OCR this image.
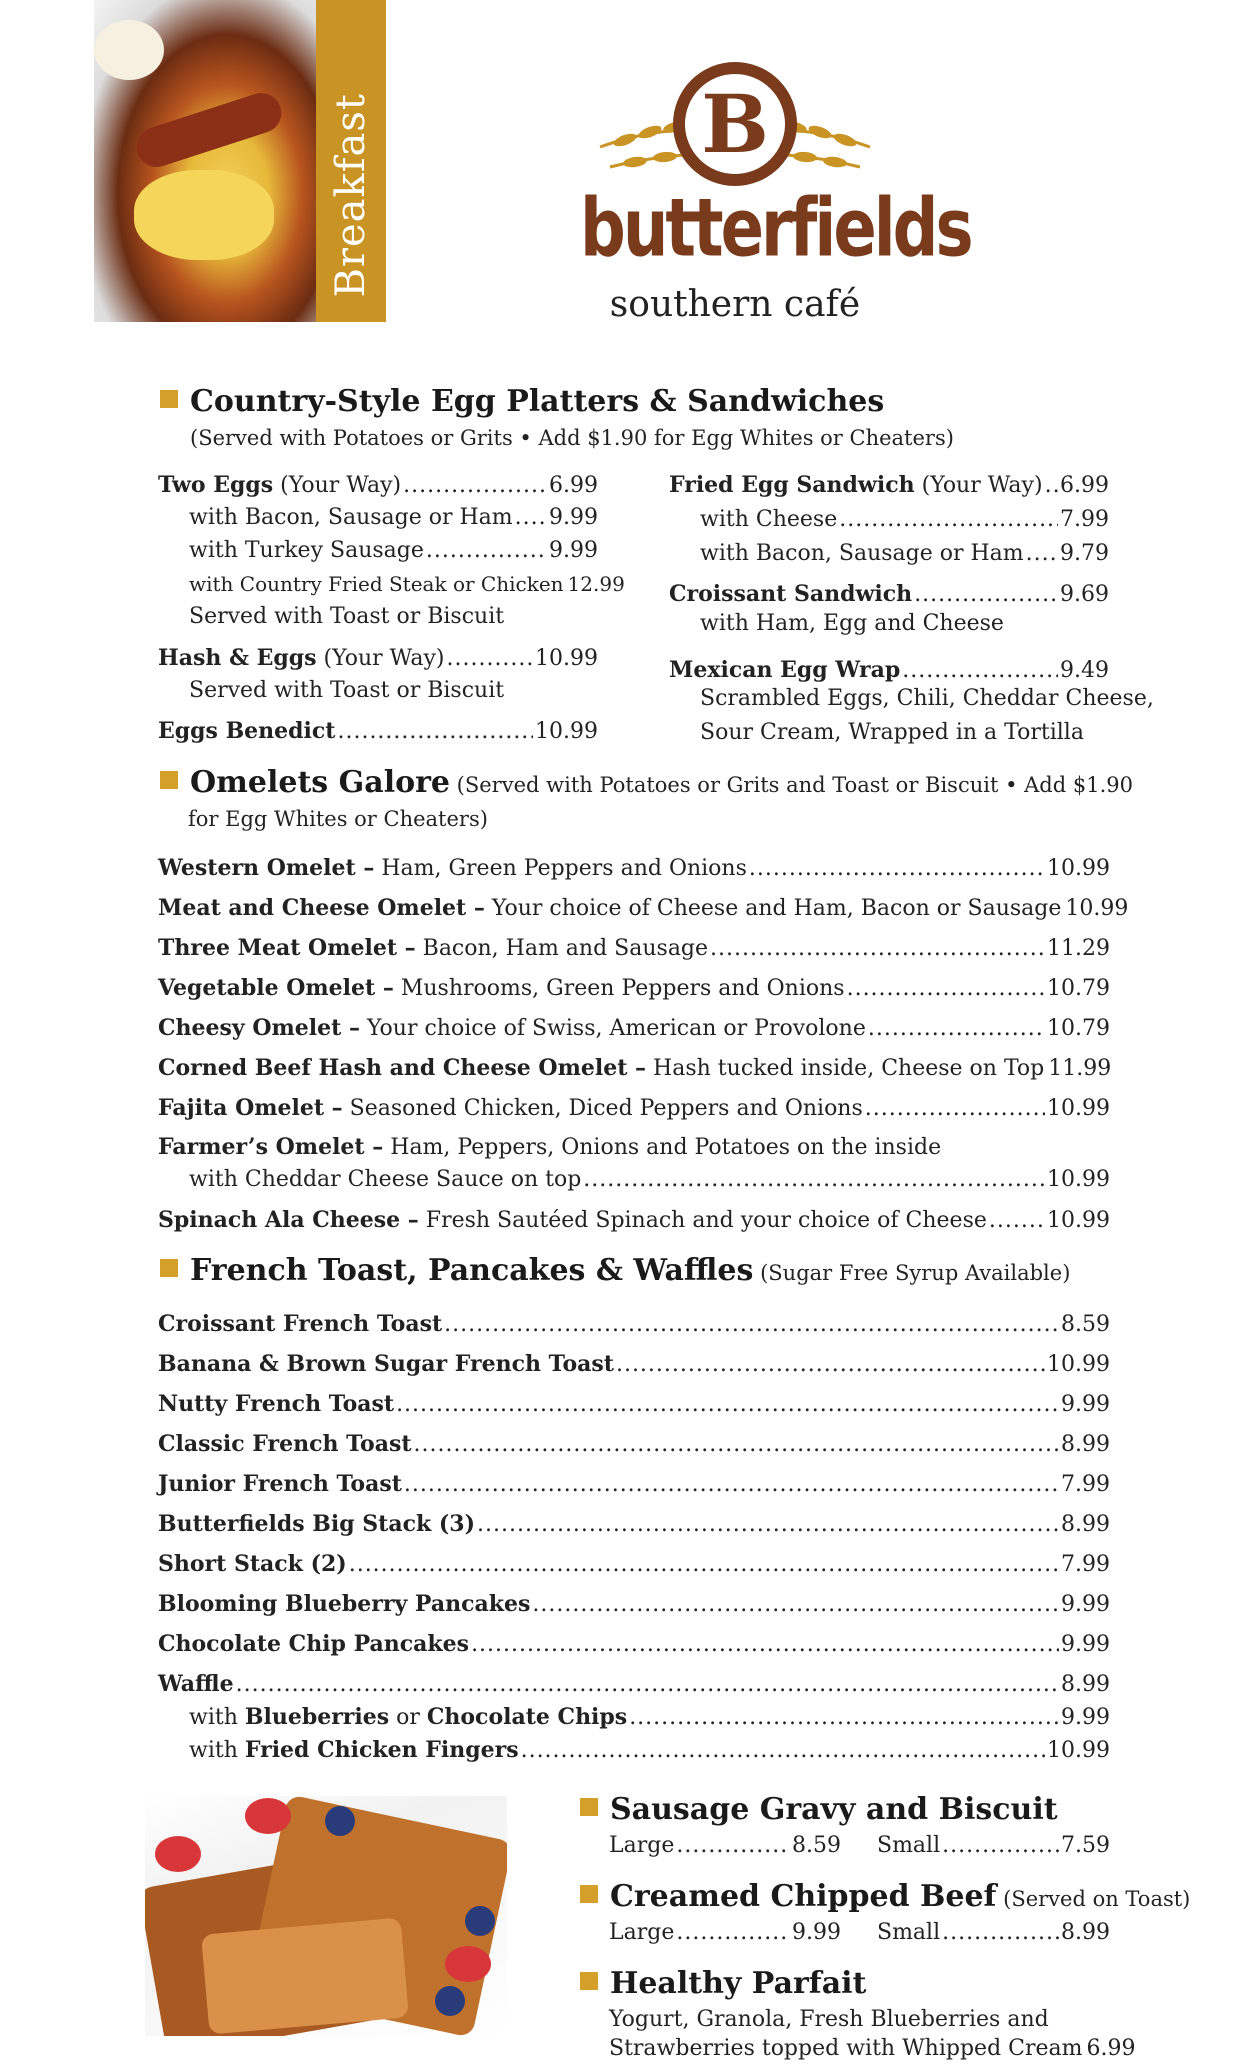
Breakfast	B
butterfields
southern café
Country-Style Egg Platters & Sandwiches
(Served with Potatoes or Grits • Add $1.90 for Egg Whites or Cheaters)
Two Eggs (Your Way) .....	6.99
with Bacon, Sausage or Ham ..... 9.99
with Turkey Sausage .....	9.99
with Country Fried Steak or Chicken 12.99
Served with Toast or Biscuit
Hash & Eggs (Your Way) .....	10.99
Served with Toast or Biscuit
Eggs Benedict .....	10.99
Fried Egg Sandwich (Your Way) ..... 6.99
with Cheese .....	7.99
with Bacon, Sausage or Ham ..... 9.79
Croissant Sandwich .....	9.69
with Ham, Egg and Cheese
Mexican Egg Wrap .....	9.49
Scrambled Eggs, Chili, Cheddar Cheese,
Sour Cream, Wrapped in a Tortilla
Omelets Galore (Served with Potatoes or Grits and Toast or Biscuit • Add $1.90
for Egg Whites or Cheaters)
Western Omelet – Ham, Green Peppers and Onions .....	10.99
Meat and Cheese Omelet – Your choice of Cheese and Ham, Bacon or Sausage 10.99
Three Meat Omelet – Bacon, Ham and Sausage .....	11.29
Vegetable Omelet – Mushrooms, Green Peppers and Onions .....	10.79
Cheesy Omelet – Your choice of Swiss, American or Provolone .....	10.79
Corned Beef Hash and Cheese Omelet – Hash tucked inside, Cheese on Top 11.99
Fajita Omelet – Seasoned Chicken, Diced Peppers and Onions .....	10.99
Farmer’s Omelet – Ham, Peppers, Onions and Potatoes on the inside
with Cheddar Cheese Sauce on top .....	10.99
Spinach Ala Cheese – Fresh Sautéed Spinach and your choice of Cheese .....	10.99
French Toast, Pancakes & Waffles (Sugar Free Syrup Available)
Croissant French Toast .....	8.59
Banana & Brown Sugar French Toast .....	10.99
Nutty French Toast .....	9.99
Classic French Toast .....	8.99
Junior French Toast .....	7.99
Butterfields Big Stack (3) .....	8.99
Short Stack (2) .....	7.99
Blooming Blueberry Pancakes .....	9.99
Chocolate Chip Pancakes .....	9.99
Waffle .....	8.99
with Blueberries or Chocolate Chips .....	9.99
with Fried Chicken Fingers .....	10.99
Sausage Gravy and Biscuit
Large .....	8.59 Small .....	7.59
Creamed Chipped Beef (Served on Toast)
Large .....	9.99 Small .....	8.99
Healthy Parfait
Yogurt, Granola, Fresh Blueberries and
Strawberries topped with Whipped Cream 6.99
